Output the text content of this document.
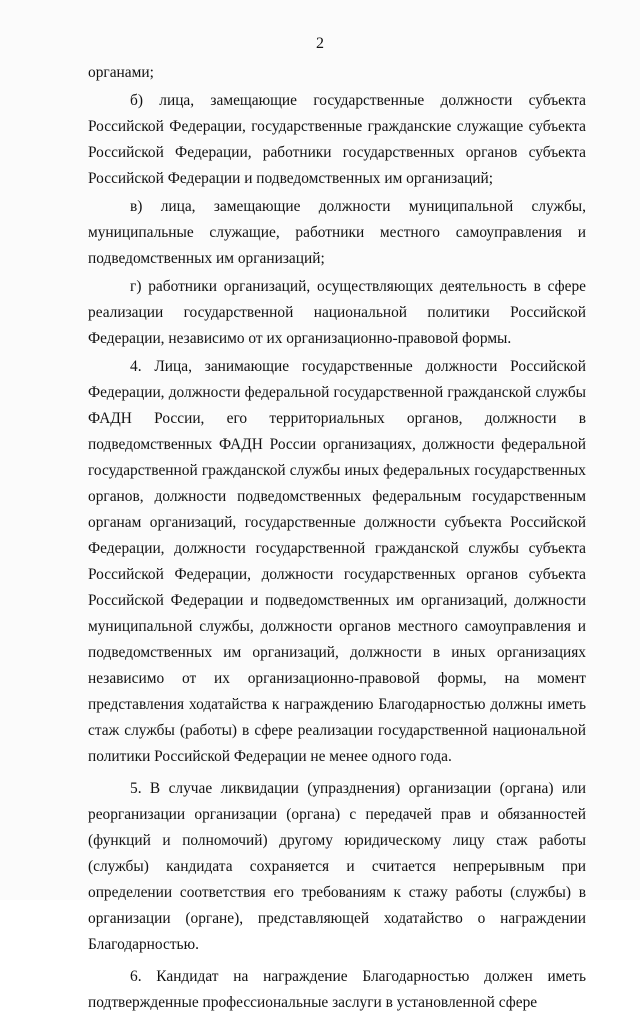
2

органами;

б) лица, замещающие государственные должности субъекта Российской Федерации, государственные гражданские служащие субъекта Российской Федерации, работники государственных органов субъекта Российской Федерации и подведомственных им организаций;

в) лица, замещающие должности муниципальной службы, муниципальные служащие, работники местного самоуправления и подведомственных им организаций;

г) работники организаций, осуществляющих деятельность в сфере реализации государственной национальной политики Российской Федерации, независимо от их организационно-правовой формы.

4. Лица, занимающие государственные должности Российской Федерации, должности федеральной государственной гражданской службы ФАДН России, его территориальных органов, должности в подведомственных ФАДН России организациях, должности федеральной государственной гражданской службы иных федеральных государственных органов, должности подведомственных федеральным государственным органам организаций, государственные должности субъекта Российской Федерации, должности государственной гражданской службы субъекта Российской Федерации, должности государственных органов субъекта Российской Федерации и подведомственных им организаций, должности муниципальной службы, должности органов местного самоуправления и подведомственных им организаций, должности в иных организациях независимо от их организационно-правовой формы, на момент представления ходатайства к награждению Благодарностью должны иметь стаж службы (работы) в сфере реализации государственной национальной политики Российской Федерации не менее одного года.

5. В случае ликвидации (упразднения) организации (органа) или реорганизации организации (органа) с передачей прав и обязанностей (функций и полномочий) другому юридическому лицу стаж работы (службы) кандидата сохраняется и считается непрерывным при определении соответствия его требованиям к стажу работы (службы) в организации (органе), представляющей ходатайство о награждении Благодарностью.

6. Кандидат на награждение Благодарностью должен иметь подтвержденные профессиональные заслуги в установленной сфере
